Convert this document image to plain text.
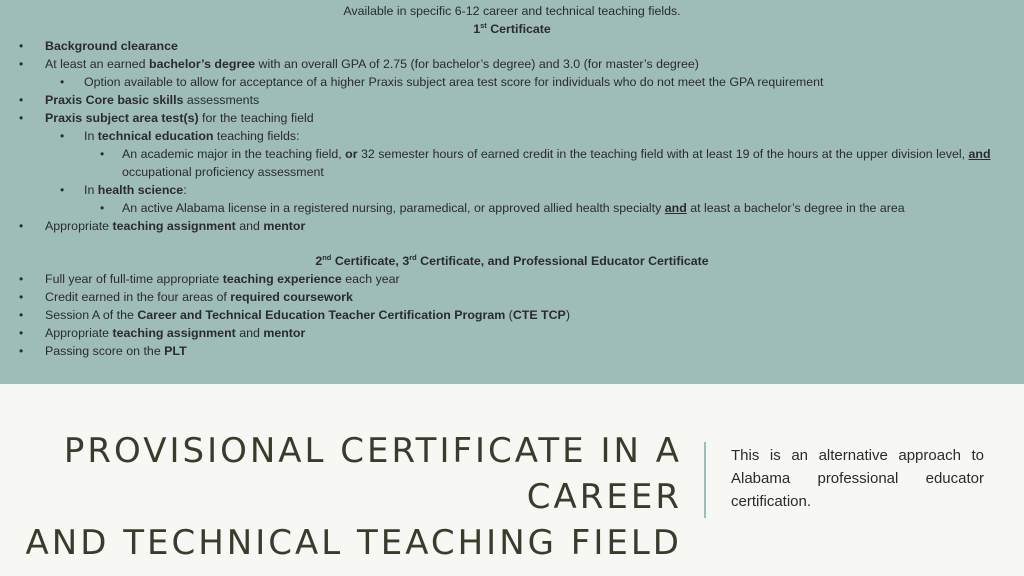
Available in specific 6-12 career and technical teaching fields.
1st Certificate
• Background clearance
• At least an earned bachelor’s degree with an overall GPA of 2.75 (for bachelor’s degree) and 3.0 (for master’s degree)
• Option available to allow for acceptance of a higher Praxis subject area test score for individuals who do not meet the GPA requirement
• Praxis Core basic skills assessments
• Praxis subject area test(s) for the teaching field
• In technical education teaching fields:
• An academic major in the teaching field, or 32 semester hours of earned credit in the teaching field with at least 19 of the hours at the upper division level, and occupational proficiency assessment
• In health science:
• An active Alabama license in a registered nursing, paramedical, or approved allied health specialty and at least a bachelor’s degree in the area
• Appropriate teaching assignment and mentor
2nd Certificate, 3rd Certificate, and Professional Educator Certificate
• Full year of full-time appropriate teaching experience each year
• Credit earned in the four areas of required coursework
• Session A of the Career and Technical Education Teacher Certification Program (CTE TCP)
• Appropriate teaching assignment and mentor
• Passing score on the PLT
PROVISIONAL CERTIFICATE IN A CAREER
AND TECHNICAL TEACHING FIELD
This is an alternative approach to Alabama professional educator certification.
